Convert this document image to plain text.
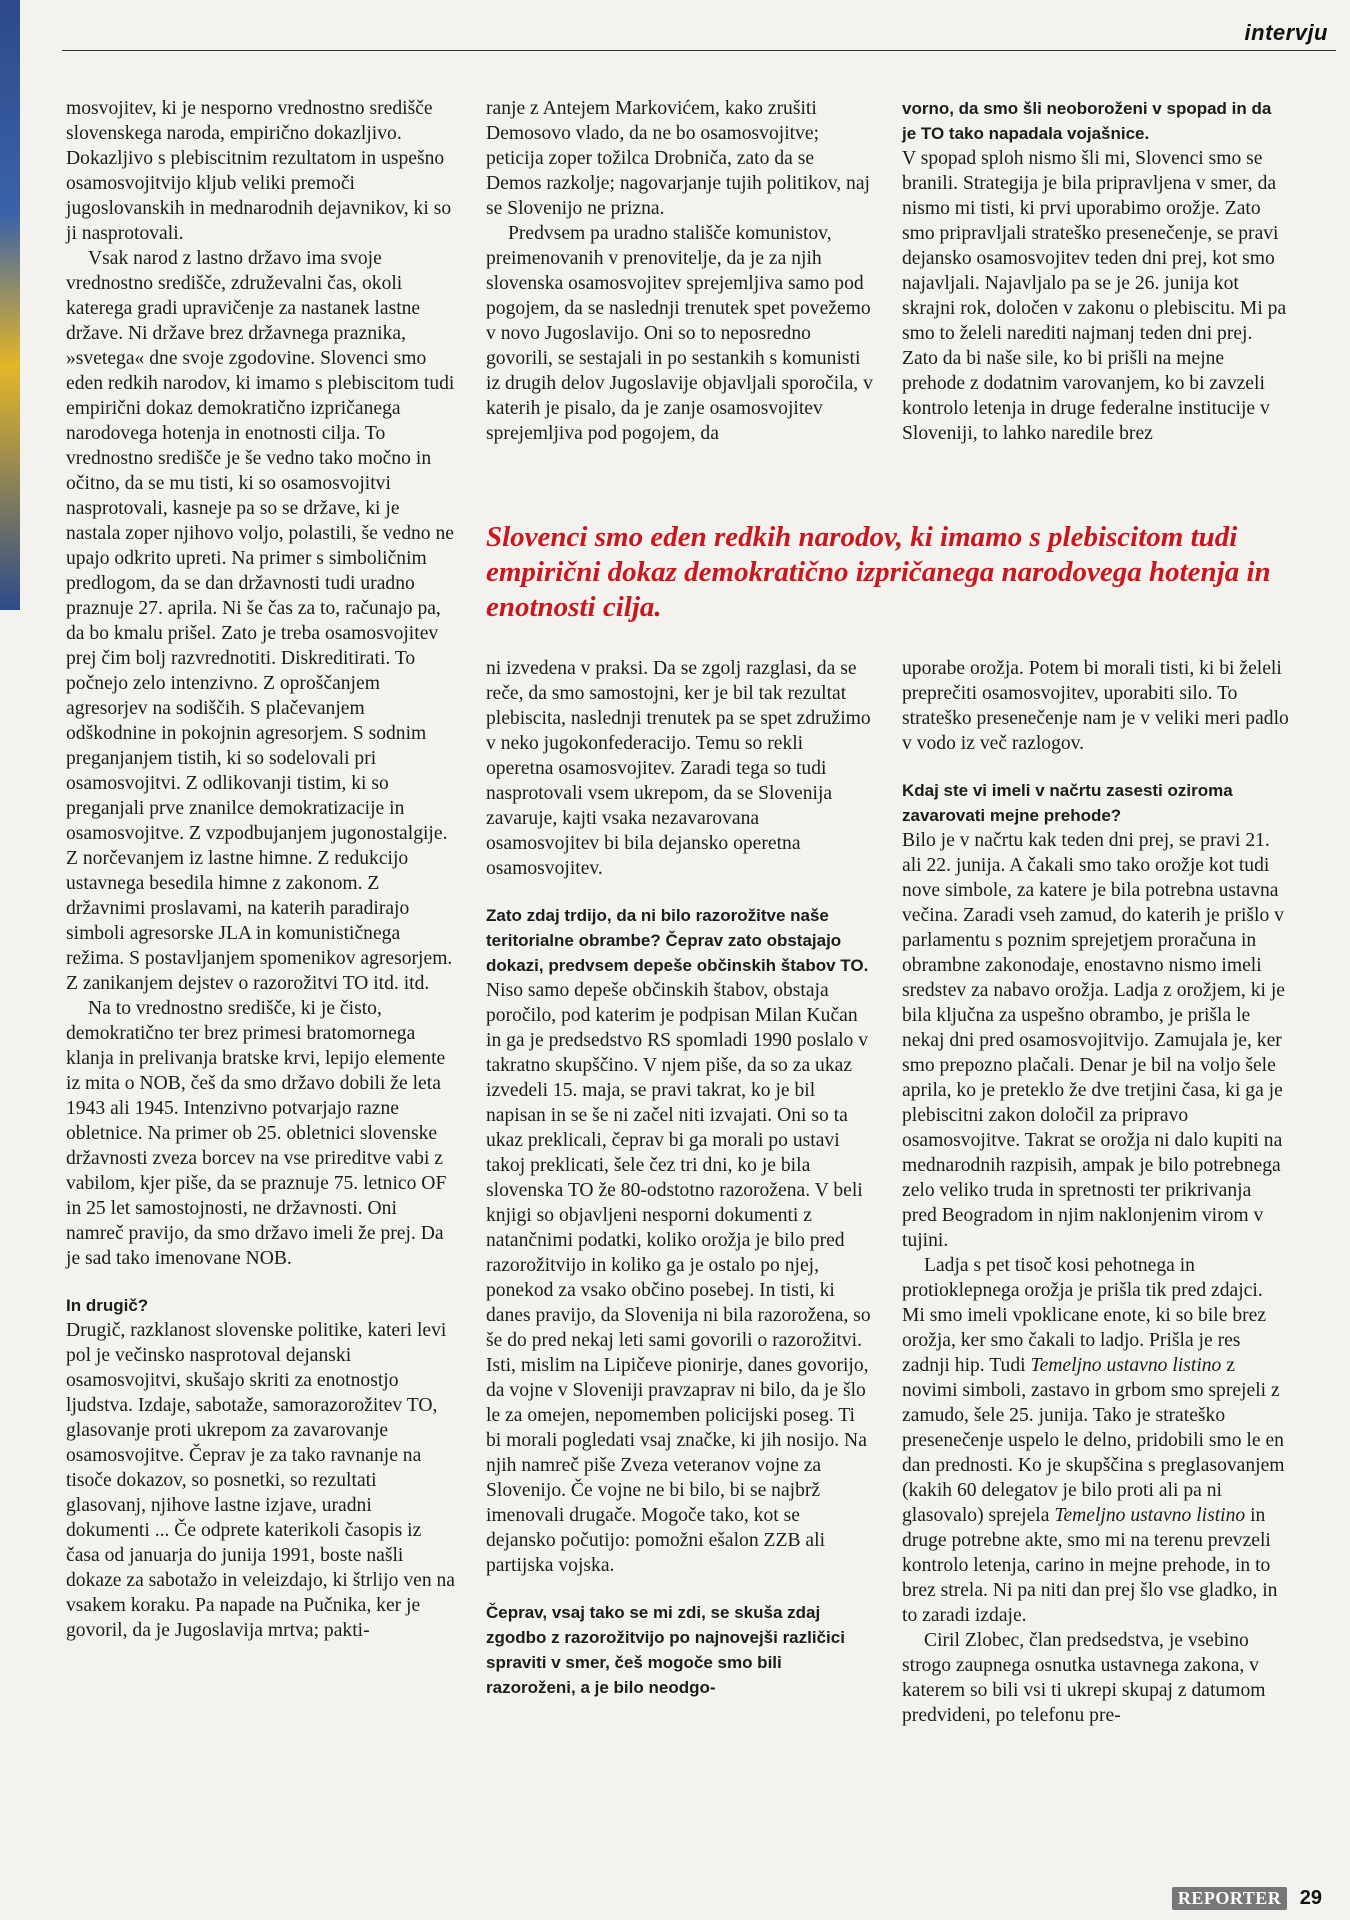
intervju

mosvojitev, ki je nesporno vrednostno središče slovenskega naroda, empirično dokazljivo. Dokazljivo s plebiscitnim rezultatom in uspešno osamosvojitvijo kljub veliki premoči jugoslovanskih in mednarodnih dejavnikov, ki so ji nasprotovali.

Vsak narod z lastno državo ima svoje vrednostno središče, združevalni čas, okoli katerega gradi upravičenje za nastanek lastne države. Ni države brez državnega praznika, »svetega« dne svoje zgodovine. Slovenci smo eden redkih narodov, ki imamo s plebiscitom tudi empirični dokaz demokratično izpričanega narodovega hotenja in enotnosti cilja. To vrednostno središče je še vedno tako močno in očitno, da se mu tisti, ki so osamosvojitvi nasprotovali, kasneje pa so se državе, ki je nastala zoper njihovo voljo, polastili, še vedno ne upajo odkrito upreti. Na primer s simboličnim predlogom, da se dan državnosti tudi uradno praznuje 27. aprila. Ni še čas za to, računajo pa, da bo kmalu prišel. Zato je treba osamosvojitev prej čim bolj razvrednotiti. Diskreditirati. To počnejo zelo intenzivno. Z oproščanjem agresorjev na sodiščih. S plačevanjem odškodnine in pokojnin agresorjem. S sodnim preganjanjem tistih, ki so sodelovali pri osamosvojitvi. Z odlikovanji tistim, ki so preganjali prve znanilce demokratizacije in osamosvojitve. Z vzpodbujanjem jugonostalgije. Z norčevanjem iz lastne himne. Z redukcijo ustavnega besedila himne z zakonom. Z državnimi proslavami, na katerih paradirajo simboli agresorske JLA in komunističnega režima. S postavljanjem spomenikov agresorjem. Z zanikanjem dejstev o razorožitvi TO itd. itd.

Na to vrednostno središče, ki je čisto, demokratično ter brez primesi bratomornega klanja in prelivanja bratske krvi, lepijo elemente iz mita o NOB, češ da smo državo dobili že leta 1943 ali 1945. Intenzivno potvarjajo razne obletnice. Na primer ob 25. obletnici slovenske državnosti zveza borcev na vse prireditve vabi z vabilom, kjer piše, da se praznuje 75. letnico OF in 25 let samostojnosti, ne državnosti. Oni namreč pravijo, da smo državo imeli že prej. Da je sad tako imenovane NOB.

In drugič?

Drugič, razklanost slovenske politike, kateri levi pol je večinsko nasprotoval dejanski osamosvojitvi, skušajo skriti za enotnostjo ljudstva. Izdaje, sabotaže, samorazorožitev TO, glasovanje proti ukrepom za zavarovanje osamosvojitve. Čeprav je za tako ravnanje na tisoče dokazov, so posnetki, so rezultati glasovanj, njihove lastne izjave, uradni dokumenti ... Če odprete katerikoli časopis iz časa od januarja do junija 1991, boste našli dokaze za sabotažo in veleizdajo, ki štrlijo ven na vsakem koraku. Pa napade na Pučnika, ker je govoril, da je Jugoslavija mrtva; pakti-

ranje z Antejem Markovićem, kako zrušiti Demosovo vlado, da ne bo osamosvojitve; peticija zoper tožilca Drobniča, zato da se Demos razkolje; nagovarjanje tujih politikov, naj se Slovenijo ne prizna.

Predvsem pa uradno stališče komunistov, preimenovanih v prenovitelje, da je za njih slovenska osamosvojitev sprejemljiva samo pod pogojem, da se naslednji trenutek spet povežemo v novo Jugoslavijo. Oni so to neposredno govorili, se sestajali in po sestankih s komunisti iz drugih delov Jugoslavije objavljali sporočila, v katerih je pisalo, da je zanje osamosvojitev sprejemljiva pod pogojem, da

vorno, da smo šli neoboroženi v spopad in da je TO tako napadala vojašnice.

V spopad sploh nismo šli mi, Slovenci smo se branili. Strategija je bila pripravljena v smer, da nismo mi tisti, ki prvi uporabimo orožje. Zato smo pripravljali strateško presenečenje, se pravi dejansko osamosvojitev teden dni prej, kot smo najavljali. Najavljalo pa se je 26. junija kot skrajni rok, določen v zakonu o plebiscitu. Mi pa smo to želeli narediti najmanj teden dni prej. Zato da bi naše sile, ko bi prišli na mejne prehode z dodatnim varovanjem, ko bi zavzeli kontrolo letenja in drugе federalne institucije v Sloveniji, to lahko naredile brez

Slovenci smo eden redkih narodov, ki imamo s plebiscitom tudi empirični dokaz demokratično izpričanega narodovega hotenja in enotnosti cilja.

ni izvedena v praksi. Da se zgolj razglasi, da se reče, da smo samostojni, ker je bil tak rezultat plebiscita, naslednji trenutek pa se spet združimo v neko jugokonfederacijo. Temu so rekli operetna osamosvojitev. Zaradi tega so tudi nasprotovali vsem ukrepom, da se Slovenija zavaruje, kajti vsaka nezavarovana osamosvojitev bi bila dejansko operetna osamosvojitev.

Zato zdaj trdijo, da ni bilo razorožitve naše teritorialne obrambe? Čeprav zato obstajajo dokazi, predvsem depeše občinskih štabov TO.

Niso samo depeše občinskih štabov, obstaja poročilo, pod katerim je podpisan Milan Kučan in ga je predsedstvo RS spomladi 1990 poslalo v takratno skupščino. V njem piše, da so za ukaz izvedeli 15. maja, se pravi takrat, ko je bil napisan in se še ni začel niti izvajati. Oni so ta ukaz preklicali, čeprav bi ga morali po ustavi takoj preklicati, šele čez tri dni, ko je bila slovenska TO že 80-odstotno razorožena. V beli knjigi so objavljeni nesporni dokumenti z natančnimi podatki, koliko orožja je bilo pred razorožitvijo in koliko ga je ostalo po njej, ponekod za vsako občino posebej. In tisti, ki danes pravijo, da Slovenija ni bila razorožena, so še do pred nekaj leti sami govorili o razorožitvi. Isti, mislim na Lipičeve pionirje, danes govorijo, da vojne v Sloveniji pravzaprav ni bilo, da je šlo le za omejen, nepomemben policijski poseg. Ti bi morali pogledati vsaj značke, ki jih nosijo. Na njih namreč piše Zveza veteranov vojne za Slovenijo. Če vojne ne bi bilo, bi se najbrž imenovali drugače. Mogoče tako, kot se dejansko počutijo: pomožni ešalon ZZB ali partijska vojska.

Čeprav, vsaj tako se mi zdi, se skuša zdaj zgodbo z razorožitvijo po najnovejši različici spraviti v smer, češ mogoče smo bili razoroženi, a je bilo neodgo-

uporabe orožja. Potem bi morali tisti, ki bi želeli preprečiti osamosvojitev, uporabiti silo. To strateško presenečenje nam je v veliki meri padlo v vodo iz več razlogov.

Kdaj ste vi imeli v načrtu zasesti oziroma zavarovati mejne prehode?

Bilo je v načrtu kak teden dni prej, se pravi 21. ali 22. junija. A čakali smo tako orožje kot tudi nove simbole, za katere je bila potrebna ustavna večina. Zaradi vseh zamud, do katerih je prišlo v parlamentu s poznim sprejetjem proračuna in obrambne zakonodaje, enostavno nismo imeli sredstev za nabavo orožja. Ladja z orožjem, ki je bila ključna za uspešno obrambo, je prišla le nekaj dni pred osamosvojitvijo. Zamujala je, ker smo prepozno plačali. Denar je bil na voljo šele aprila, ko je preteklo že dve tretjini časa, ki ga je plebiscitni zakon določil za pripravo osamosvojitve. Takrat se orožja ni dalo kupiti na mednarodnih razpisih, ampak je bilo potrebnega zelo veliko truda in spretnosti ter prikrivanja pred Beogradom in njim naklonjenim virom v tujini.

Ladja s pet tisoč kosi pehotnega in protioklepnega orožja je prišla tik pred zdajci. Mi smo imeli vpoklicane enote, ki so bile brez orožja, ker smo čakali to ladjo. Prišla je res zadnji hip. Tudi Temeljno ustavno listino z novimi simboli, zastavo in grbom smo sprejeli z zamudo, šele 25. junija. Tako je strateško presenečenje uspelo le delno, pridobili smo le en dan prednosti. Ko je skupščina s preglasovanjem (kakih 60 delegatov je bilo proti ali pa ni glasovalo) sprejela Temeljno ustavno listino in druge potrebne akte, smo mi na terenu prevzeli kontrolo letenja, carino in mejne prehode, in to brez strela. Ni pa niti dan prej šlo vse gladko, in to zaradi izdaje.

Ciril Zlobec, član predsedstva, je vsebino strogo zaupnega osnutka ustavnega zakona, v katerem so bili vsi ti ukrepi skupaj z datumom predvideni, po telefonu pre-

REPORTER 29
